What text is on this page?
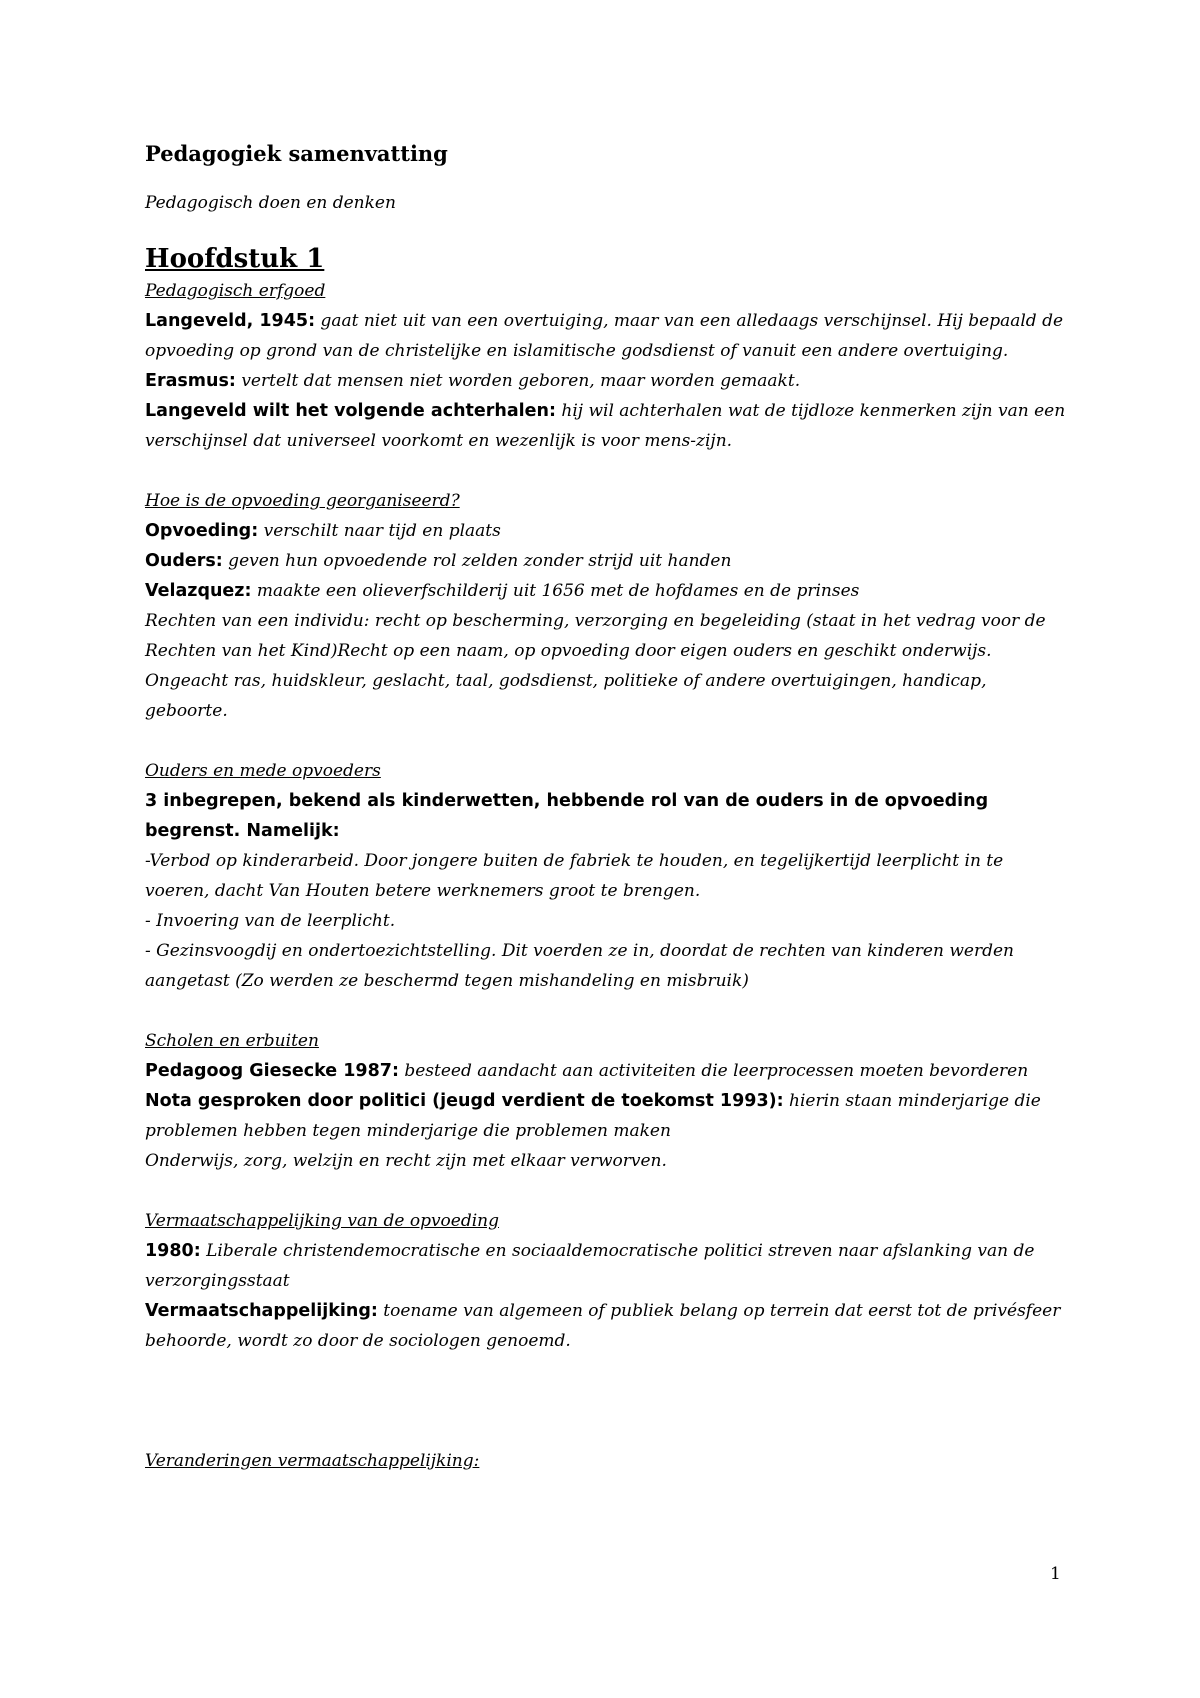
Pedagogiek samenvatting

Pedagogisch doen en denken

Hoofdstuk 1

Pedagogisch erfgoed

Langeveld, 1945: gaat niet uit van een overtuiging, maar van een alledaags verschijnsel. Hij bepaald de opvoeding op grond van de christelijke en islamitische godsdienst of vanuit een andere overtuiging.

Erasmus: vertelt dat mensen niet worden geboren, maar worden gemaakt.

Langeveld wilt het volgende achterhalen: hij wil achterhalen wat de tijdloze kenmerken zijn van een verschijnsel dat universeel voorkomt en wezenlijk is voor mens-zijn.

Hoe is de opvoeding georganiseerd?

Opvoeding: verschilt naar tijd en plaats

Ouders: geven hun opvoedende rol zelden zonder strijd uit handen

Velazquez: maakte een olieverfschilderij uit 1656 met de hofdames en de prinses

Rechten van een individu: recht op bescherming, verzorging en begeleiding (staat in het vedrag voor de Rechten van het Kind)Recht op een naam, op opvoeding door eigen ouders en geschikt onderwijs. Ongeacht ras, huidskleur, geslacht, taal, godsdienst, politieke of andere overtuigingen, handicap, geboorte.

Ouders en mede opvoeders

3 inbegrepen, bekend als kinderwetten, hebbende rol van de ouders in de opvoeding begrenst. Namelijk:

-Verbod op kinderarbeid. Door jongere buiten de fabriek te houden, en tegelijkertijd leerplicht in te voeren, dacht Van Houten betere werknemers groot te brengen.

- Invoering van de leerplicht.

- Gezinsvoogdij en ondertoezichtstelling. Dit voerden ze in, doordat de rechten van kinderen werden aangetast (Zo werden ze beschermd tegen mishandeling en misbruik)

Scholen en erbuiten

Pedagoog Giesecke 1987: besteed aandacht aan activiteiten die leerprocessen moeten bevorderen

Nota gesproken door politici (jeugd verdient de toekomst 1993): hierin staan minderjarige die problemen hebben tegen minderjarige die problemen maken

Onderwijs, zorg, welzijn en recht zijn met elkaar verworven.

Vermaatschappelijking van de opvoeding

1980: Liberale christendemocratische en sociaaldemocratische politici streven naar afslanking van de verzorgingsstaat

Vermaatschappelijking: toename van algemeen of publiek belang op terrein dat eerst tot de privésfeer behoorde, wordt zo door de sociologen genoemd.

Veranderingen vermaatschappelijking:

1
